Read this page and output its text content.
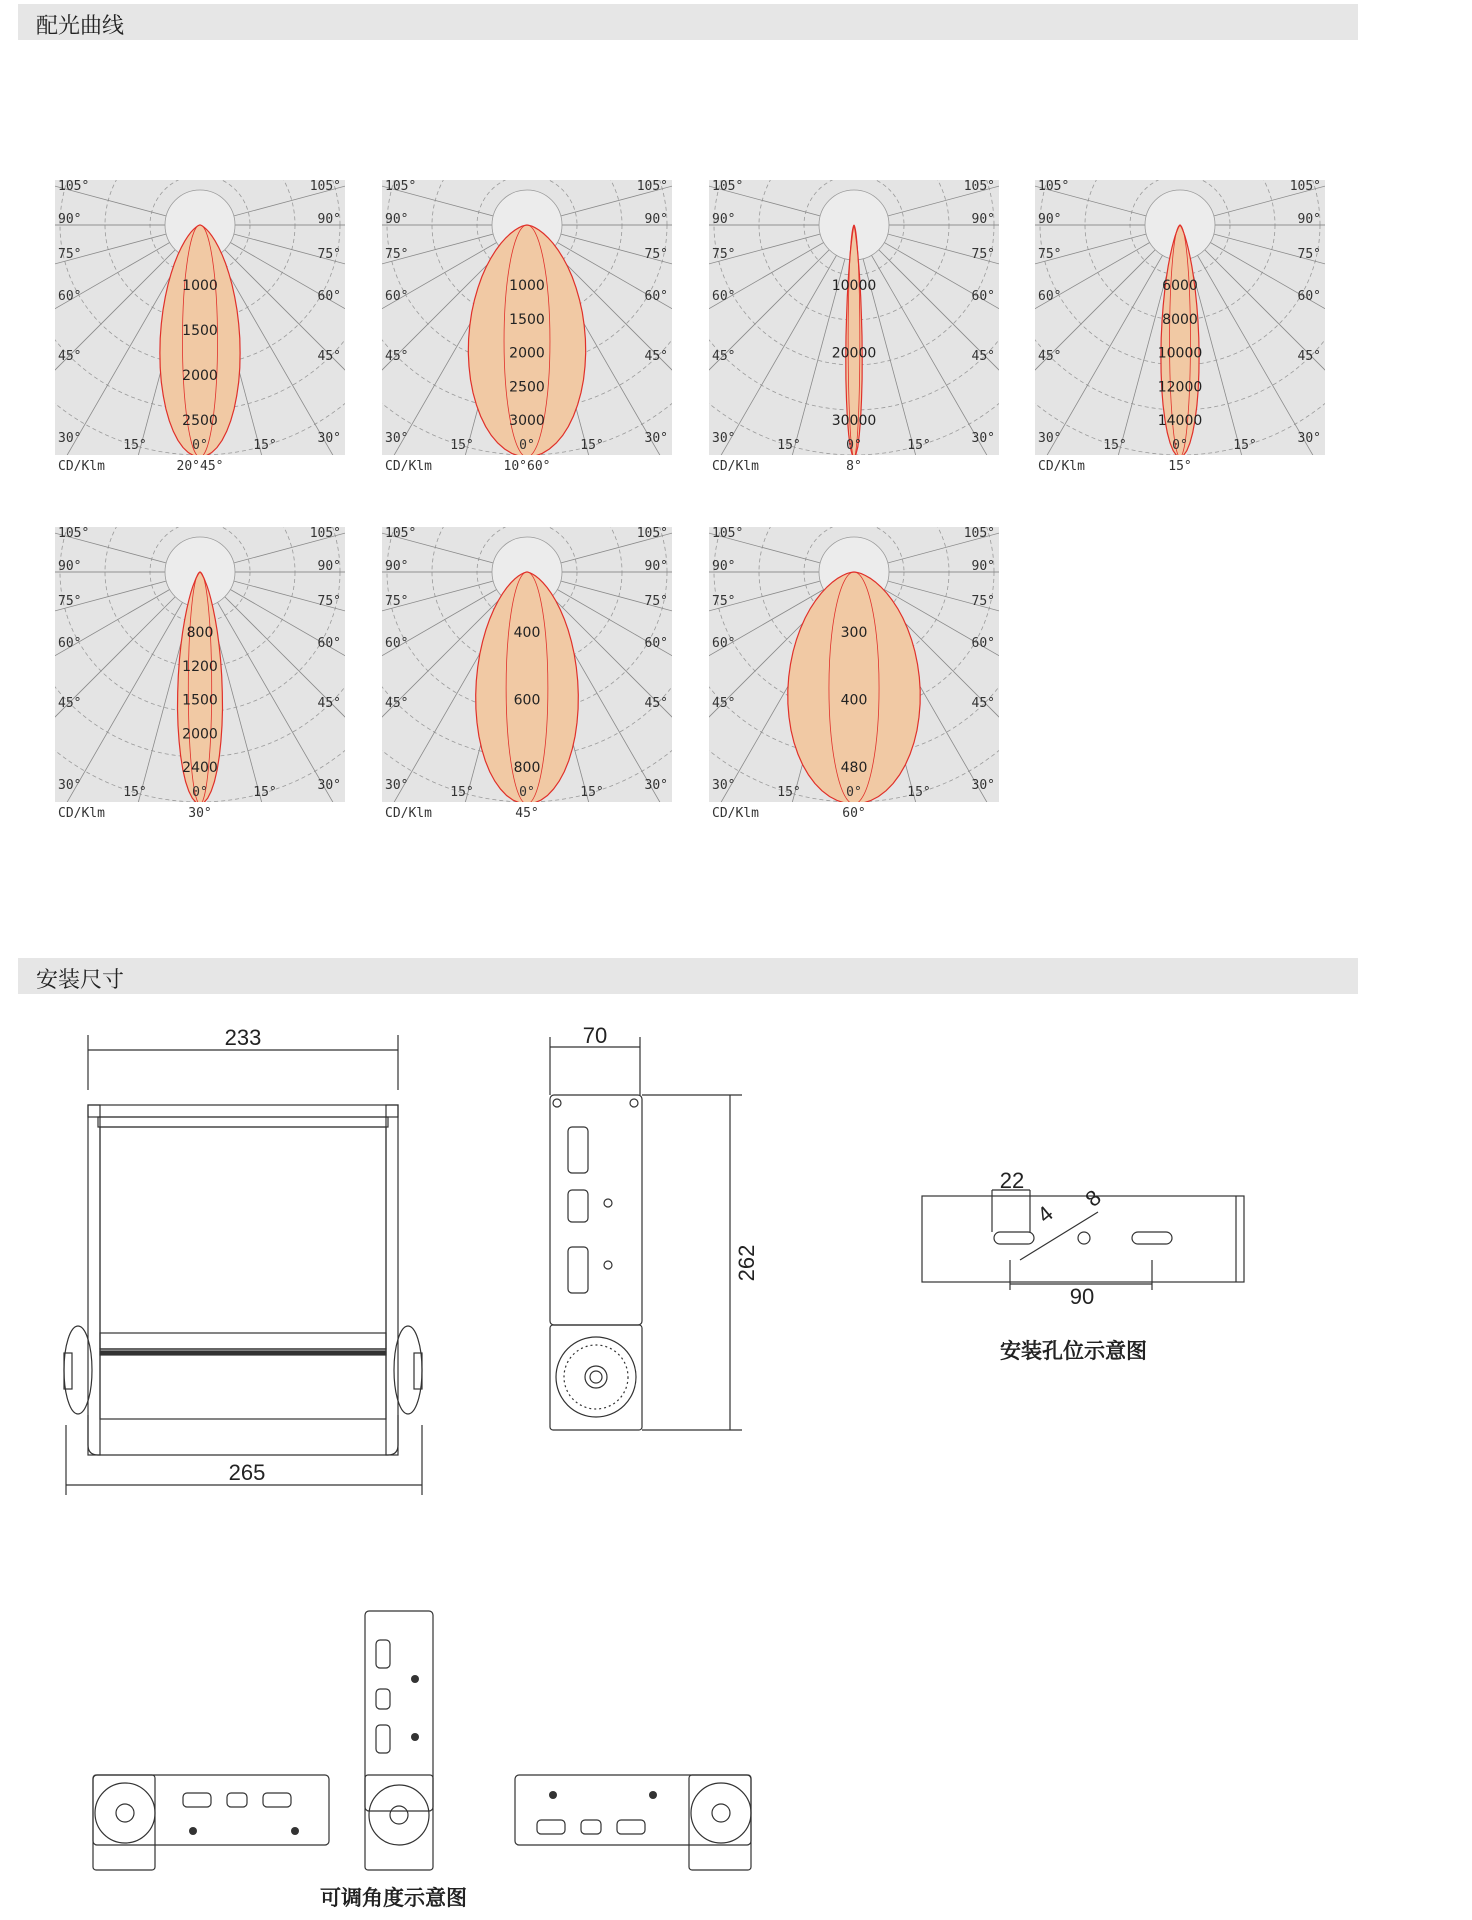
配光曲线
105°
90°
75°
60°
45°
30°
105°
90°
75°
60°
45°
30°
15°	0°	15°
1000
1500
2000
2500
CD/Klm	20°45°
105°
90°
75°
60°
45°
30°
105°
90°
75°
60°
45°
30°
15°	0°	15°
1000
1500
2000
2500
3000
CD/Klm	10°60°
105°
90°
75°
60°
45°
30°
105°
90°
75°
60°
45°
30°
15°	0°	15°
10000
20000
30000
CD/Klm	8°
105°
90°
75°
60°
45°
30°
105°
90°
75°
60°
45°
30°
15°	0°	15°
6000
8000
10000
12000
14000
CD/Klm	15°
105°
90°
75°
60°
45°
30°
105°
90°
75°
60°
45°
30°
15°	0°	15°
800
1200
1500
2000
2400
CD/Klm	30°
105°
90°
75°
60°
45°
30°
105°
90°
75°
60°
45°
30°
15°	0°	15°
400
600
800
CD/Klm	45°
105°
90°
75°
60°
45°
30°
105°
90°
75°
60°
45°
30°
15°	0°	15°
300
400
480
CD/Klm	60°
安装尺寸
233
265
70
262
22
4
8
90
安装孔位示意图
可调角度示意图
